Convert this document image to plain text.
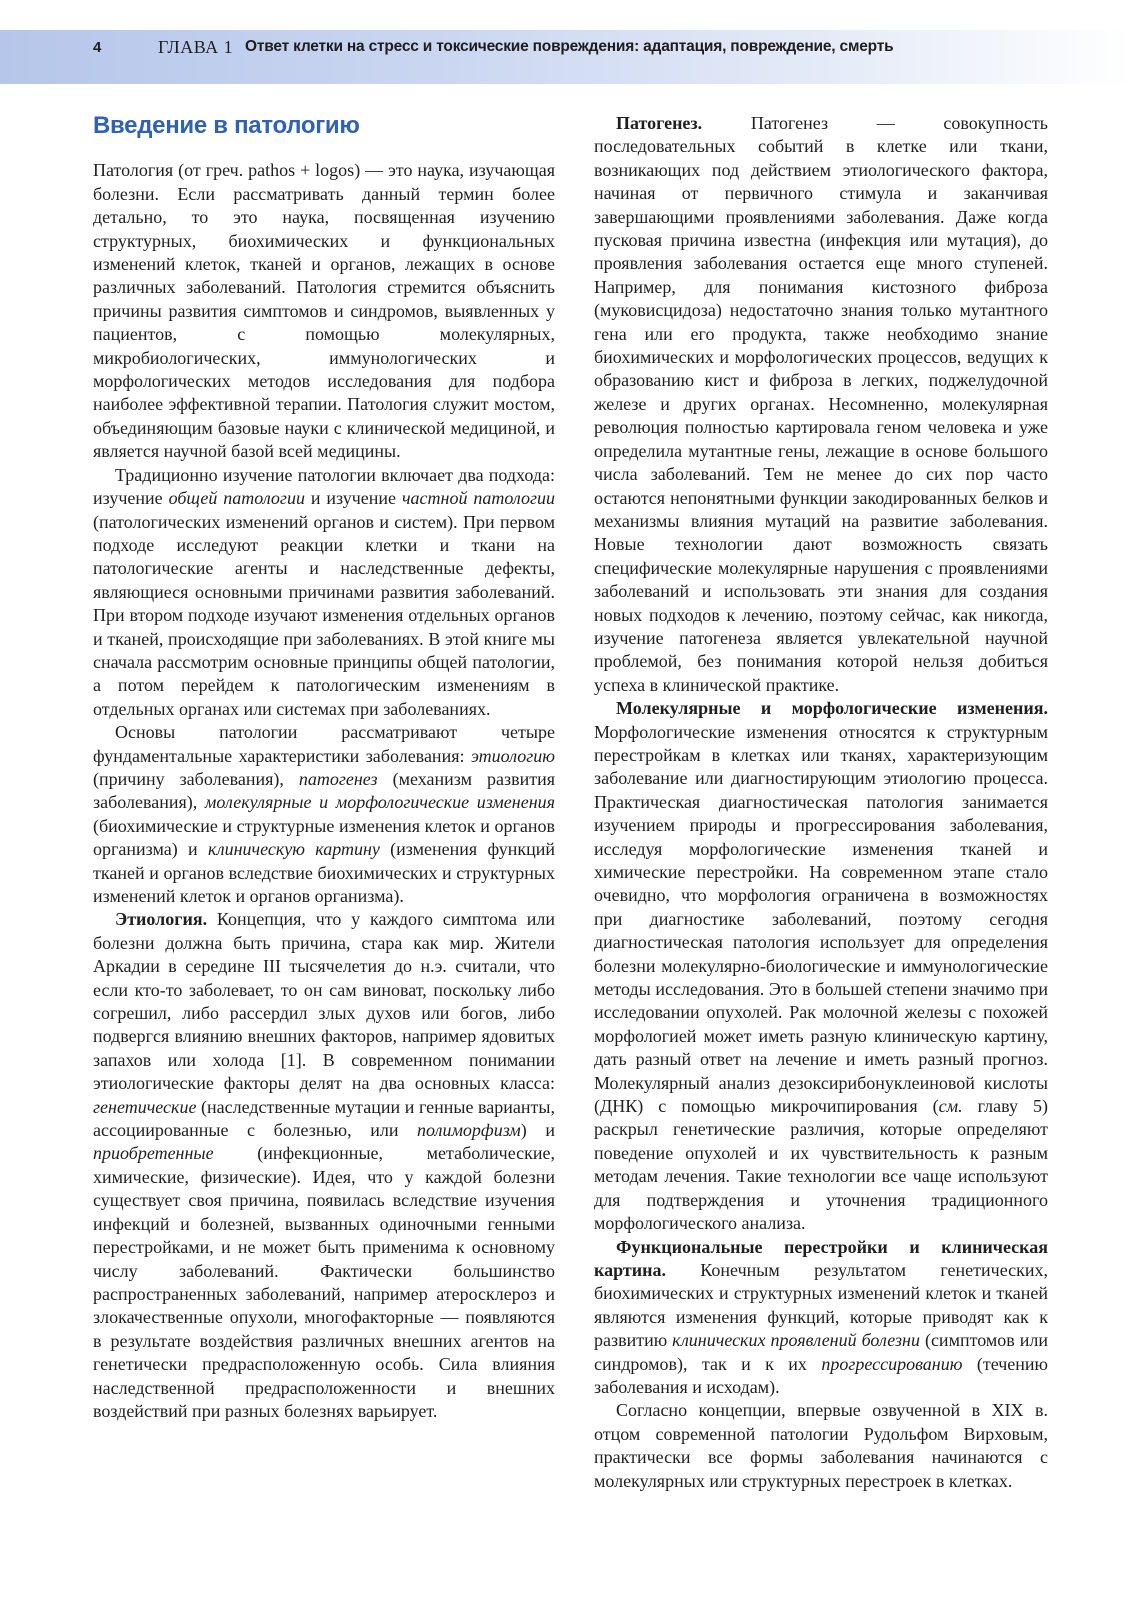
4	ГЛАВА 1 Ответ клетки на стресс и токсические повреждения: адаптация, повреждение, смерть
Введение в патологию

Патология (от греч. pathos + logos) — это наука, изучающая болезни. Если рассматривать данный термин более детально, то это наука, посвященная изучению структурных, биохимических и функциональных изменений клеток, тканей и органов, лежащих в основе различных заболеваний. Патология стремится объяснить причины развития симптомов и синдромов, выявленных у пациентов, с помощью молекулярных, микробиологических, иммунологических и морфологических методов исследования для подбора наиболее эффективной терапии. Патология служит мостом, объединяющим базовые науки с клинической медициной, и является научной базой всей медицины.

Традиционно изучение патологии включает два подхода: изучение общей патологии и изучение частной патологии (патологических изменений органов и систем). При первом подходе исследуют реакции клетки и ткани на патологические агенты и наследственные дефекты, являющиеся основными причинами развития заболеваний. При втором подходе изучают изменения отдельных органов и тканей, происходящие при заболеваниях. В этой книге мы сначала рассмотрим основные принципы общей патологии, а потом перейдем к патологическим изменениям в отдельных органах или системах при заболеваниях.

Основы патологии рассматривают четыре фундаментальные характеристики заболевания: этиологию (причину заболевания), патогенез (механизм развития заболевания), молекулярные и морфологические изменения (биохимические и структурные изменения клеток и органов организма) и клиническую картину (изменения функций тканей и органов вследствие биохимических и структурных изменений клеток и органов организма).

Этиология. Концепция, что у каждого симптома или болезни должна быть причина, стара как мир. Жители Аркадии в середине III тысячелетия до н.э. считали, что если кто-то заболевает, то он сам виноват, поскольку либо согрешил, либо рассердил злых духов или богов, либо подвергся влиянию внешних факторов, например ядовитых запахов или холода [1]. В современном понимании этиологические факторы делят на два основных класса: генетические (наследственные мутации и генные варианты, ассоциированные с болезнью, или полиморфизм) и приобретенные (инфекционные, метаболические, химические, физические). Идея, что у каждой болезни существует своя причина, появилась вследствие изучения инфекций и болезней, вызванных одиночными генными перестройками, и не может быть применима к основному числу заболеваний. Фактически большинство распространенных заболеваний, например атеросклероз и злокачественные опухоли, многофакторные — появляются в результате воздействия различных внешних агентов на генетически предрасположенную особь. Сила влияния наследственной предрасположенности и внешних воздействий при разных болезнях варьирует.

Патогенез. Патогенез — совокупность последовательных событий в клетке или ткани, возникающих под действием этиологического фактора, начиная от первичного стимула и заканчивая завершающими проявлениями заболевания. Даже когда пусковая причина известна (инфекция или мутация), до проявления заболевания остается еще много ступеней. Например, для понимания кистозного фиброза (муковисцидоза) недостаточно знания только мутантного гена или его продукта, также необходимо знание биохимических и морфологических процессов, ведущих к образованию кист и фиброза в легких, поджелудочной железе и других органах. Несомненно, молекулярная революция полностью картировала геном человека и уже определила мутантные гены, лежащие в основе большого числа заболеваний. Тем не менее до сих пор часто остаются непонятными функции закодированных белков и механизмы влияния мутаций на развитие заболевания. Новые технологии дают возможность связать специфические молекулярные нарушения с проявлениями заболеваний и использовать эти знания для создания новых подходов к лечению, поэтому сейчас, как никогда, изучение патогенеза является увлекательной научной проблемой, без понимания которой нельзя добиться успеха в клинической практике.

Молекулярные и морфологические изменения. Морфологические изменения относятся к структурным перестройкам в клетках или тканях, характеризующим заболевание или диагностирующим этиологию процесса. Практическая диагностическая патология занимается изучением природы и прогрессирования заболевания, исследуя морфологические изменения тканей и химические перестройки. На современном этапе стало очевидно, что морфология ограничена в возможностях при диагностике заболеваний, поэтому сегодня диагностическая патология использует для определения болезни молекулярно-биологические и иммунологические методы исследования. Это в большей степени значимо при исследовании опухолей. Рак молочной железы с похожей морфологией может иметь разную клиническую картину, дать разный ответ на лечение и иметь разный прогноз. Молекулярный анализ дезоксирибонуклеиновой кислоты (ДНК) с помощью микрочипирования (см. главу 5) раскрыл генетические различия, которые определяют поведение опухолей и их чувствительность к разным методам лечения. Такие технологии все чаще используют для подтверждения и уточнения традиционного морфологического анализа.

Функциональные перестройки и клиническая картина. Конечным результатом генетических, биохимических и структурных изменений клеток и тканей являются изменения функций, которые приводят как к развитию клинических проявлений болезни (симптомов или синдромов), так и к их прогрессированию (течению заболевания и исходам).

Согласно концепции, впервые озвученной в XIX в. отцом современной патологии Рудольфом Вирховым, практически все формы заболевания начинаются с молекулярных или структурных перестроек в клетках.
